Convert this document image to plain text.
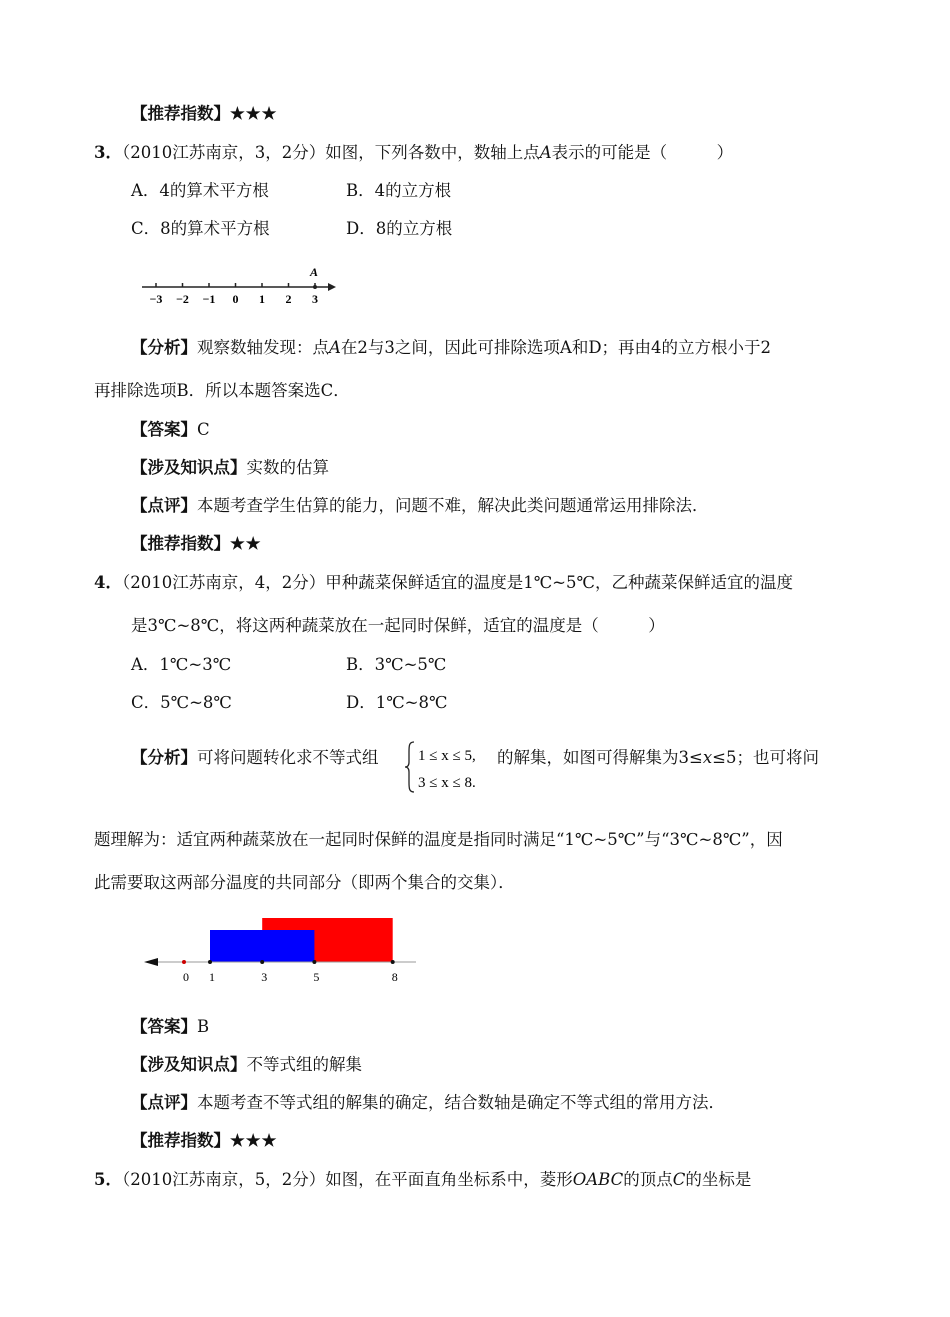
【推荐指数】★★★
3．（2010江苏南京，3，2分）如图，下列各数中，数轴上点A表示的可能是（　　　）
A．4的算术平方根	B．4的立方根
C．8的算术平方根	D．8的立方根
−3 −2 −1 0 1 2 3
A
【分析】观察数轴发现：点A在2与3之间，因此可排除选项A和D；再由4的立方根小于2
再排除选项B．所以本题答案选C．
【答案】C
【涉及知识点】实数的估算
【点评】本题考查学生估算的能力，问题不难，解决此类问题通常运用排除法．
【推荐指数】★★
4．（2010江苏南京，4，2分）甲种蔬菜保鲜适宜的温度是1℃~5℃，乙种蔬菜保鲜适宜的温度
是3℃~8℃，将这两种蔬菜放在一起同时保鲜，适宜的温度是（　　　）
A．1℃~3℃	B．3℃~5℃
C．5℃~8℃	D．1℃~8℃
【分析】可将问题转化求不等式组	1 ≤ x ≤ 5,
3 ≤ x ≤ 8.
的解集，如图可得解集为3≤x≤5；也可将问
题理解为：适宜两种蔬菜放在一起同时保鲜的温度是指同时满足“1℃~5℃”与“3℃~8℃”，因
此需要取这两部分温度的共同部分（即两个集合的交集）．
0 1	3	5	8
【答案】B
【涉及知识点】不等式组的解集
【点评】本题考查不等式组的解集的确定，结合数轴是确定不等式组的常用方法．
【推荐指数】★★★
5．（2010江苏南京，5，2分）如图，在平面直角坐标系中，菱形OABC的顶点C的坐标是
